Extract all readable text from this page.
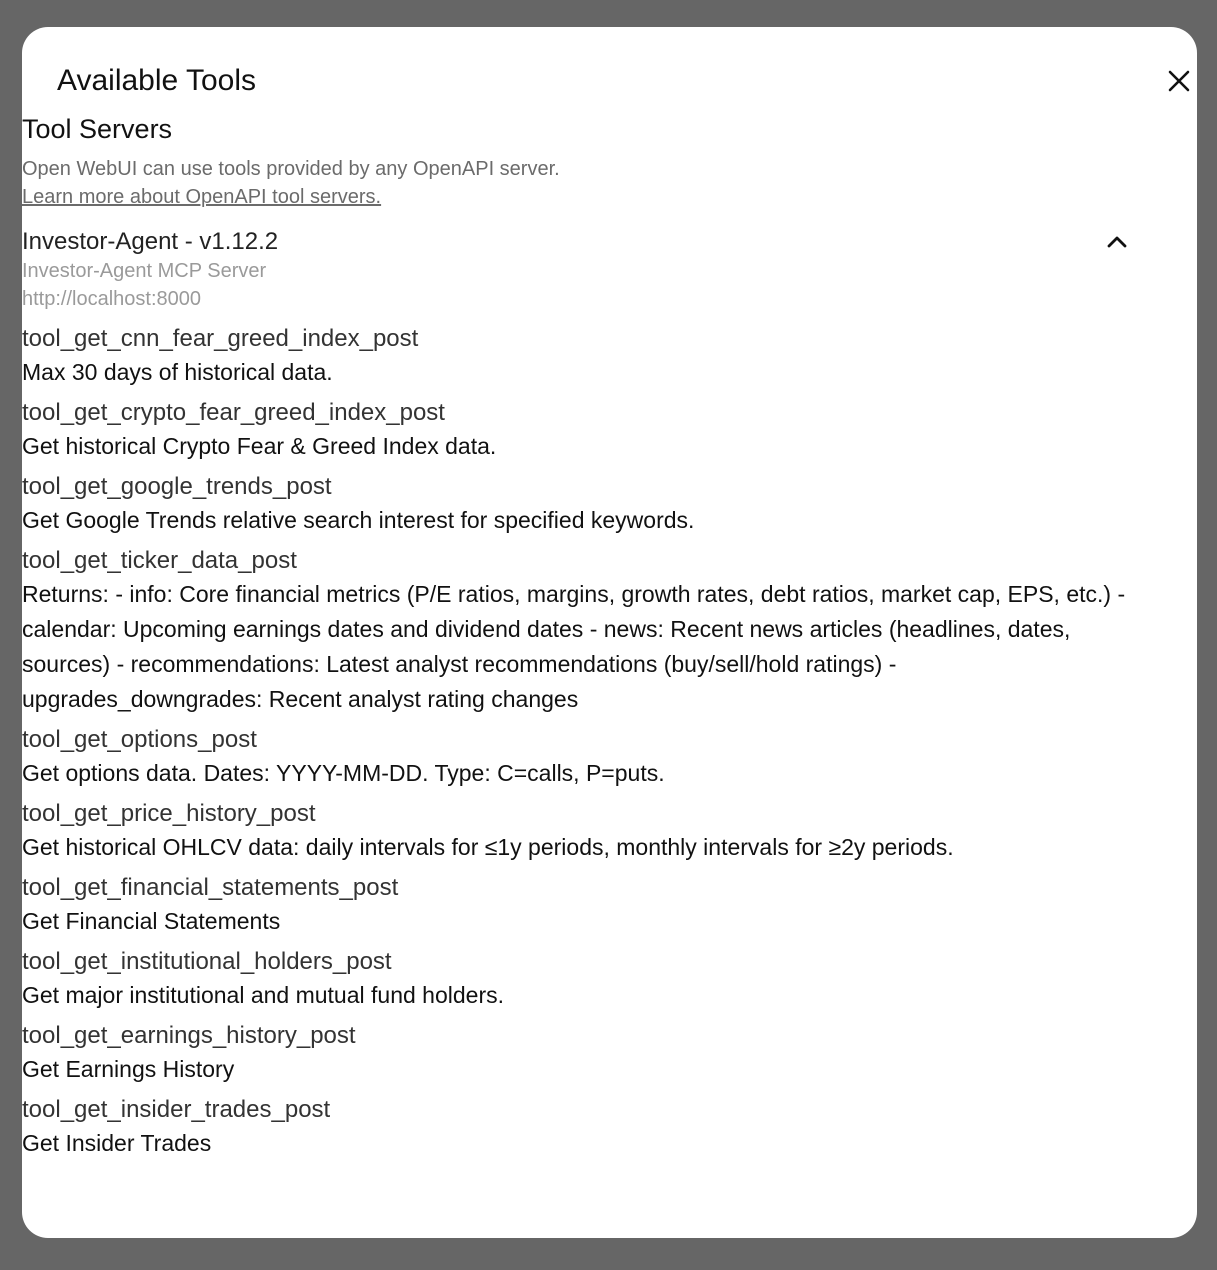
Available Tools
Tool Servers
Open WebUI can use tools provided by any OpenAPI server.
Learn more about OpenAPI tool servers.
Investor-Agent - v1.12.2
Investor-Agent MCP Server
http://localhost:8000
tool_get_cnn_fear_greed_index_post
Max 30 days of historical data.
tool_get_crypto_fear_greed_index_post
Get historical Crypto Fear & Greed Index data.
tool_get_google_trends_post
Get Google Trends relative search interest for specified keywords.
tool_get_ticker_data_post
Returns: - info: Core financial metrics (P/E ratios, margins, growth rates, debt ratios, market cap, EPS, etc.) - calendar: Upcoming earnings dates and dividend dates - news: Recent news articles (headlines, dates, sources) - recommendations: Latest analyst recommendations (buy/sell/hold ratings) - upgrades_downgrades: Recent analyst rating changes
tool_get_options_post
Get options data. Dates: YYYY-MM-DD. Type: C=calls, P=puts.
tool_get_price_history_post
Get historical OHLCV data: daily intervals for ≤1y periods, monthly intervals for ≥2y periods.
tool_get_financial_statements_post
Get Financial Statements
tool_get_institutional_holders_post
Get major institutional and mutual fund holders.
tool_get_earnings_history_post
Get Earnings History
tool_get_insider_trades_post
Get Insider Trades
